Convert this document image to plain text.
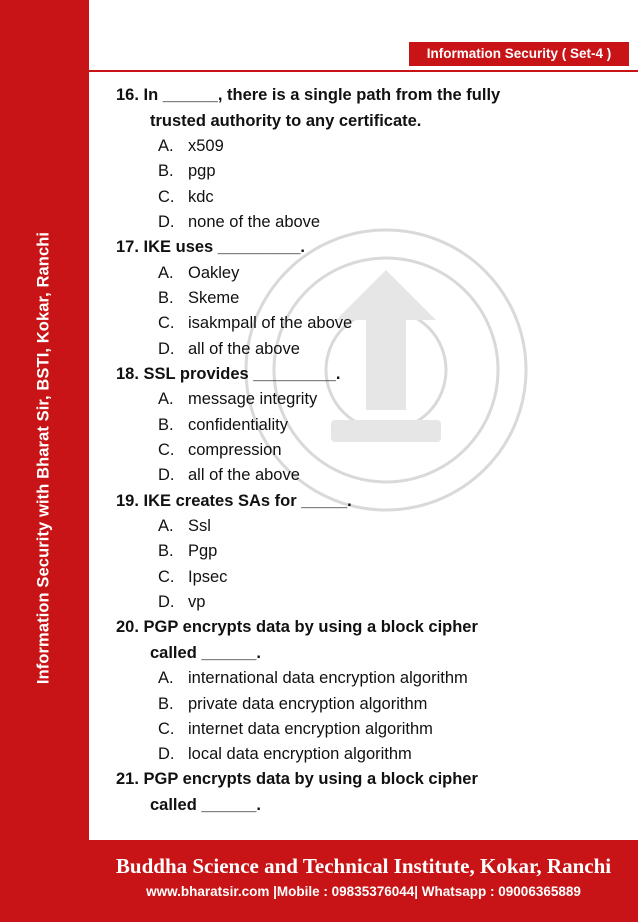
Information Security with Bharat Sir, BSTI, Kokar, Ranchi
Information Security ( Set-4 )
16. In ______, there is a single path from the fully
trusted authority to any certificate.
A. x509
B. pgp
C. kdc
D. none of the above
17. IKE uses _________.
A. Oakley
B. Skeme
C. isakmpall of the above
D. all of the above
18. SSL provides _________.
A. message integrity
B. confidentiality
C. compression
D. all of the above
19. IKE creates SAs for _____.
A. Ssl
B. Pgp
C. Ipsec
D. vp
20. PGP encrypts data by using a block cipher
called ______.
A. international data encryption algorithm
B. private data encryption algorithm
C. internet data encryption algorithm
D. local data encryption algorithm
21. PGP encrypts data by using a block cipher
called ______.
Buddha Science and Technical Institute, Kokar, Ranchi
www.bharatsir.com |Mobile : 09835376044| Whatsapp : 09006365889
